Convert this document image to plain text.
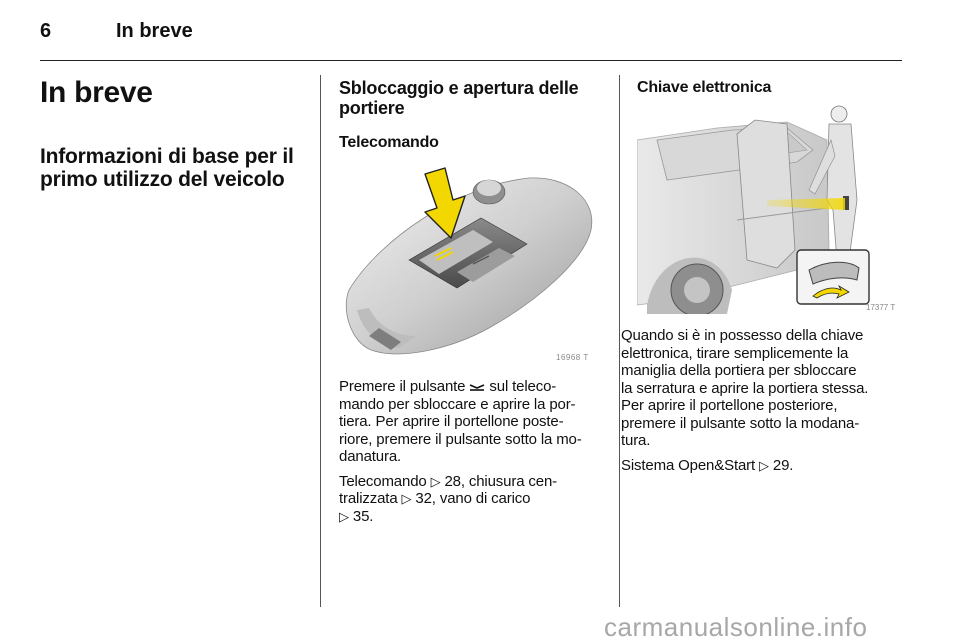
6	In breve
In breve
Informazioni di base per il primo utilizzo del veicolo
Sbloccaggio e apertura delle portiere
Telecomando
16968 T

Premere il pulsante  sul teleco-
mando per sbloccare e aprire la por-
tiera. Per aprire il portellone poste-
riore, premere il pulsante sotto la mo-
danatura.

Telecomando ▷ 28, chiusura cen-
tralizzata ▷ 32, vano di carico
▷ 35.

Chiave elettronica
17377 T

Quando si è in possesso della chiave
elettronica, tirare semplicemente la
maniglia della portiera per sbloccare
la serratura e aprire la portiera stessa.
Per aprire il portellone posteriore,
premere il pulsante sotto la modana-
tura.

Sistema Open&Start ▷ 29.

carmanualsonline.info
